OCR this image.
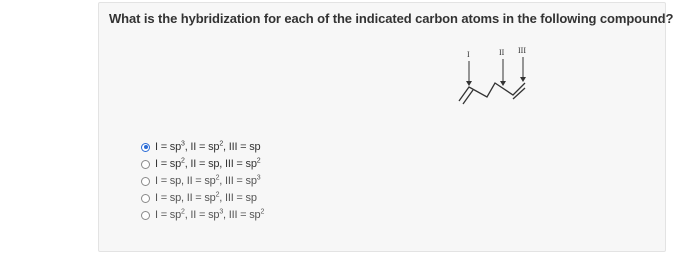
What is the hybridization for each of the indicated carbon atoms in the following compound?
I	II III
$I = sp^3$, II = $sp^2$, III = sp
$I = sp^2$, II = sp, III = $sp^2$
I = sp, II = $sp^2$, III = $sp^3$
I = sp, II = $sp^2$, III = sp
$I = sp^2$, II = $sp^3$, III = $sp^2$
